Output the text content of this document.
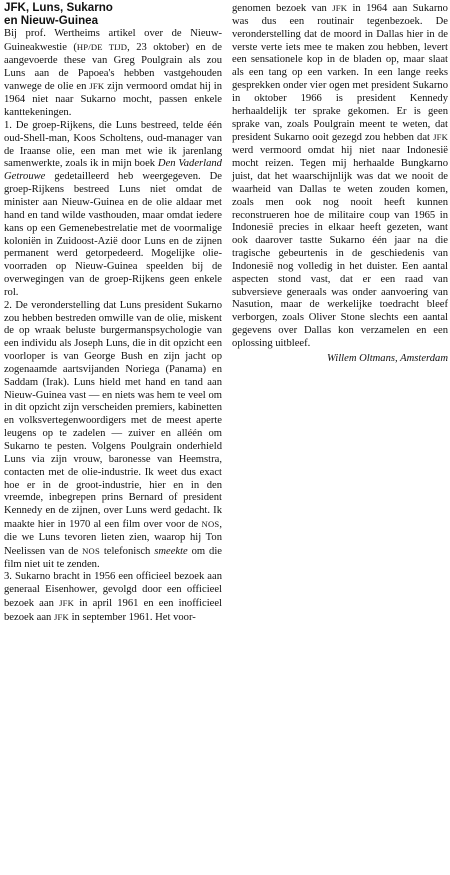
JFK, Luns, Sukarno
en Nieuw-Guinea

Bij prof. Wertheims artikel over de Nieuw-Guineakwestie (HP/DE TIJD, 23 oktober) en de aangevoerde these van Greg Poulgrain als zou Luns aan de Papoea's hebben vastgehouden vanwege de olie en JFK zijn vermoord omdat hij in 1964 niet naar Sukarno mocht, passen enkele kanttekeningen.

1. De groep-Rijkens, die Luns bestreed, telde één oud-Shell-man, Koos Scholtens, oud-manager van de Iraanse olie, een man met wie ik jarenlang samenwerkte, zoals ik in mijn boek Den Vaderland Getrouwe gedetailleerd heb weergegeven. De groep-Rijkens bestreed Luns niet omdat de minister aan Nieuw-Guinea en de olie aldaar met hand en tand wilde vasthouden, maar omdat iedere kans op een Gemenebestrelatie met de voormalige koloniën in Zuidoost-Azië door Luns en de zijnen permanent werd getorpedeerd. Mogelijke olie-voorraden op Nieuw-Guinea speelden bij de overwegingen van de groep-Rijkens geen enkele rol.

2. De veronderstelling dat Luns president Sukarno zou hebben bestreden omwille van de olie, miskent de op wraak beluste burgermanspsychologie van een individu als Joseph Luns, die in dit opzicht een voorloper is van George Bush en zijn jacht op zogenaamde aartsvijanden Noriega (Panama) en Saddam (Irak). Luns hield met hand en tand aan Nieuw-Guinea vast — en niets was hem te veel om in dit opzicht zijn verscheiden premiers, kabinetten en volksvertegenwoordigers met de meest aperte leugens op te zadelen — zuiver en alléén om Sukarno te pesten. Volgens Poulgrain onderhield Luns via zijn vrouw, baronesse van Heemstra, contacten met de olie-industrie. Ik weet dus exact hoe er in de groot-industrie, hier en in den vreemde, inbegrepen prins Bernard of president Kennedy en de zijnen, over Luns werd gedacht. Ik maakte hier in 1970 al een film over voor de NOS, die we Luns tevoren lieten zien, waarop hij Ton Neelissen van de NOS telefonisch smeekte om die film niet uit te zenden.

3. Sukarno bracht in 1956 een officieel bezoek aan generaal Eisenhower, gevolgd door een officieel bezoek aan JFK in april 1961 en een inofficieel bezoek aan JFK in september 1961. Het voor-

genomen bezoek van JFK in 1964 aan Sukarno was dus een routinair tegenbezoek. De veronderstelling dat de moord in Dallas hier in de verste verte iets mee te maken zou hebben, levert een sensationele kop in de bladen op, maar slaat als een tang op een varken. In een lange reeks gesprekken onder vier ogen met president Sukarno in oktober 1966 is president Kennedy herhaaldelijk ter sprake gekomen. Er is geen sprake van, zoals Poulgrain meent te weten, dat president Sukarno ooit gezegd zou hebben dat JFK werd vermoord omdat hij niet naar Indonesië mocht reizen. Tegen mij herhaalde Bungkarno juist, dat het waarschijnlijk was dat we nooit de waarheid van Dallas te weten zouden komen, zoals men ook nog nooit heeft kunnen reconstrueren hoe de militaire coup van 1965 in Indonesië precies in elkaar heeft gezeten, want ook daarover tastte Sukarno één jaar na die tragische gebeurtenis in de geschiedenis van Indonesië nog volledig in het duister. Een aantal aspecten stond vast, dat er een raad van subversieve generaals was onder aanvoering van Nasution, maar de werkelijke toedracht bleef verborgen, zoals Oliver Stone slechts een aantal gegevens over Dallas kon verzamelen en een oplossing uitbleef.

Willem Oltmans, Amsterdam
